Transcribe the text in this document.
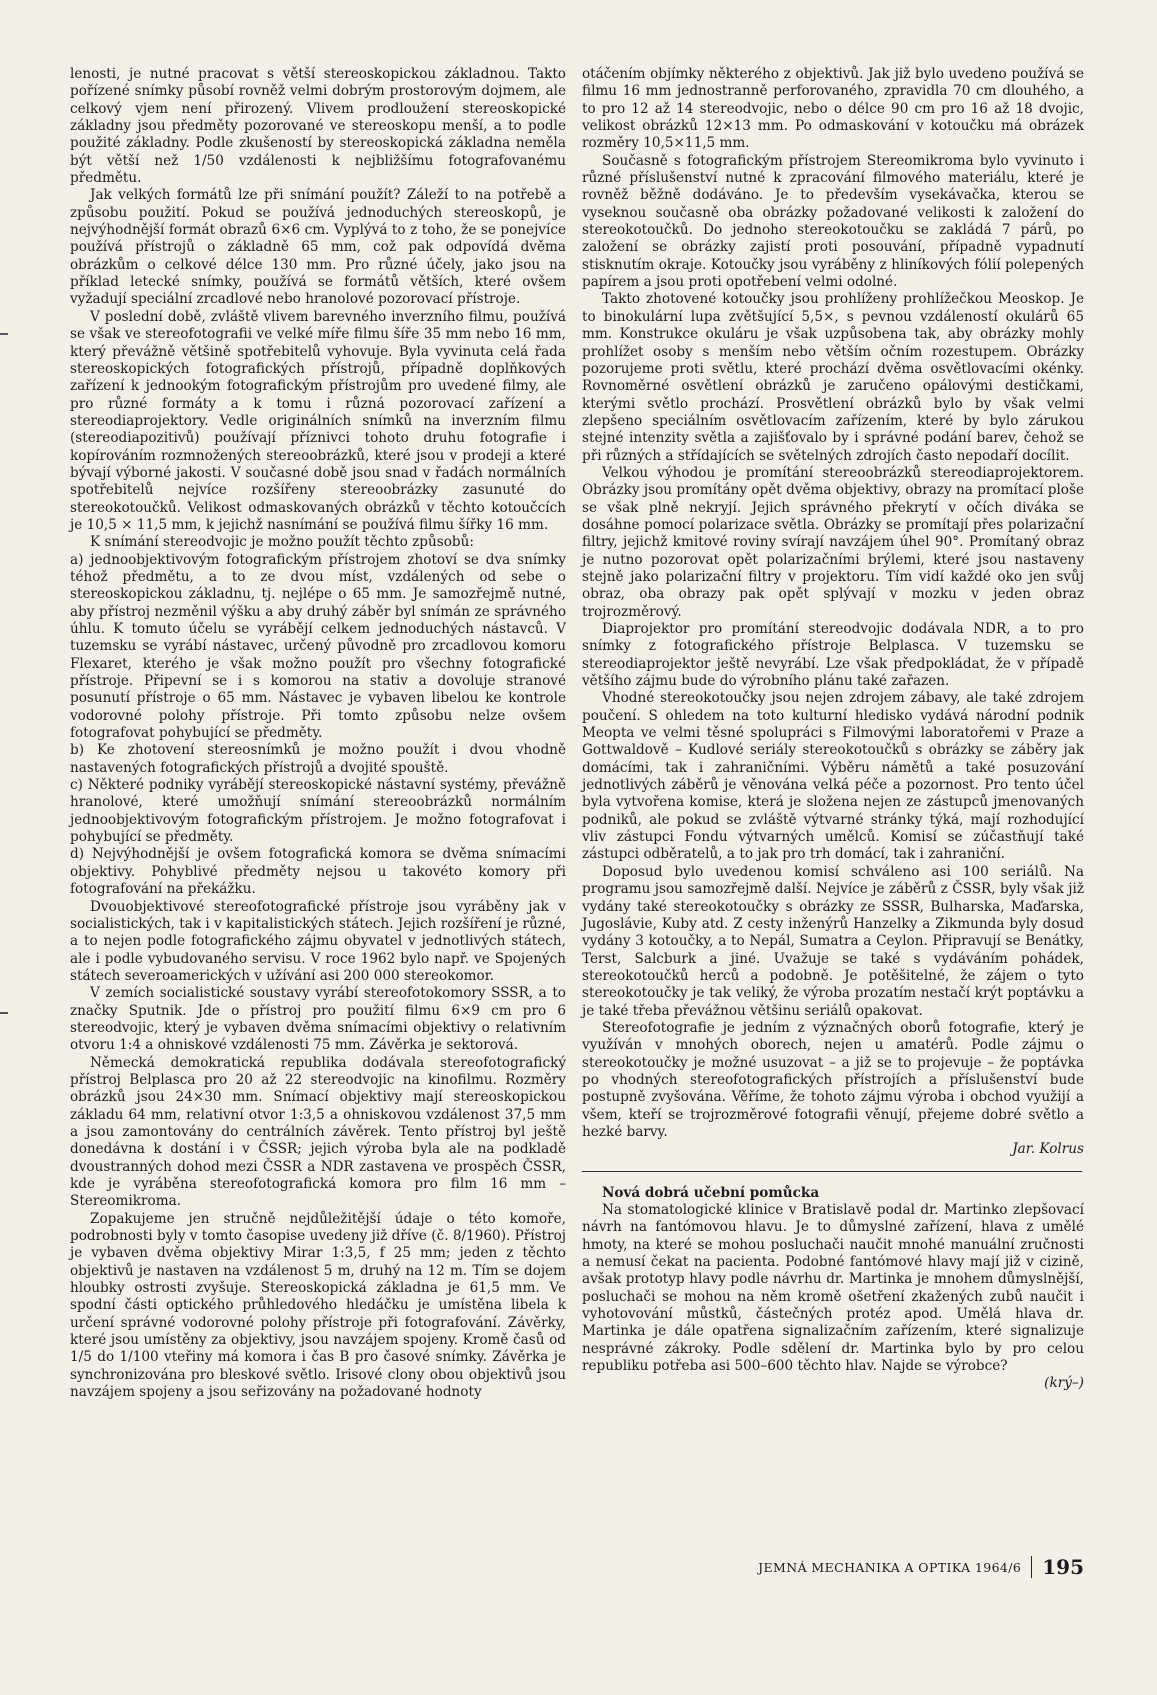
lenosti, je nutné pracovat s větší stereoskopickou základnou. Takto pořízené snímky působí rovněž velmi dobrým prostorovým dojmem, ale celkový vjem není přirozený. Vlivem prodloužení stereoskopické základny jsou předměty pozorované ve stereoskopu menší, a to podle použité základny. Podle zkušeností by stereoskopická základna neměla být větší než 1/50 vzdálenosti k nejbližšímu fotografovanému předmětu.

Jak velkých formátů lze při snímání použít? Záleží to na potřebě a způsobu použití. Pokud se používá jednoduchých stereoskopů, je nejvýhodnější formát obrazů 6×6 cm. Vyplývá to z toho, že se ponejvíce používá přístrojů o základně 65 mm, což pak odpovídá dvěma obrázkům o celkové délce 130 mm. Pro různé účely, jako jsou na příklad letecké snímky, používá se formátů větších, které ovšem vyžadují speciální zrcadlové nebo hranolové pozorovací přístroje.

V poslední době, zvláště vlivem barevného inverzního filmu, používá se však ve stereofotografii ve velké míře filmu šíře 35 mm nebo 16 mm, který převážně většině spotřebitelů vyhovuje. Byla vyvinuta celá řada stereoskopických fotografických přístrojů, případně doplňkových zařízení k jednookým fotografickým přístrojům pro uvedené filmy, ale pro různé formáty a k tomu i různá pozorovací zařízení a stereodiaprojektory. Vedle originálních snímků na inverzním filmu (stereodiapozitivů) používají příznivci tohoto druhu fotografie i kopírováním rozmnožených stereoobrázků, které jsou v prodeji a které bývají výborné jakosti. V současné době jsou snad v řadách normálních spotřebitelů nejvíce rozšířeny stereoobrázky zasunuté do stereokotoučků. Velikost odmaskovaných obrázků v těchto kotoučcích je 10,5 × 11,5 mm, k jejichž nasnímání se používá filmu šířky 16 mm.

K snímání stereodvojic je možno použít těchto způsobů:

a) jednoobjektivovým fotografickým přístrojem zhotoví se dva snímky téhož předmětu, a to ze dvou míst, vzdálených od sebe o stereoskopickou základnu, tj. nejlépe o 65 mm. Je samozřejmě nutné, aby přístroj nezměnil výšku a aby druhý záběr byl snímán ze správného úhlu. K tomuto účelu se vyrábějí celkem jednoduchých nástavců. V tuzemsku se vyrábí nástavec, určený původně pro zrcadlovou komoru Flexaret, kterého je však možno použít pro všechny fotografické přístroje. Připevní se i s komorou na stativ a dovoluje stranové posunutí přístroje o 65 mm. Nástavec je vybaven libelou ke kontrole vodorovné polohy přístroje. Při tomto způsobu nelze ovšem fotografovat pohybující se předměty.

b) Ke zhotovení stereosnímků je možno použít i dvou vhodně nastavených fotografických přístrojů a dvojité spouště.

c) Některé podniky vyrábějí stereoskopické nástavní systémy, převážně hranolové, které umožňují snímání stereoobrázků normálním jednoobjektivovým fotografickým přístrojem. Je možno fotografovat i pohybující se předměty.

d) Nejvýhodnější je ovšem fotografická komora se dvěma snímacími objektivy. Pohyblivé předměty nejsou u takovéto komory při fotografování na překážku.

Dvouobjektivové stereofotografické přístroje jsou vyráběny jak v socialistických, tak i v kapitalistických státech. Jejich rozšíření je různé, a to nejen podle fotografického zájmu obyvatel v jednotlivých státech, ale i podle vybudovaného servisu. V roce 1962 bylo např. ve Spojených státech severoamerických v užívání asi 200 000 stereokomor.

V zemích socialistické soustavy vyrábí stereofotokomory SSSR, a to značky Sputnik. Jde o přístroj pro použití filmu 6×9 cm pro 6 stereodvojic, který je vybaven dvěma snímacími objektivy o relativním otvoru 1:4 a ohniskové vzdálenosti 75 mm. Závěrka je sektorová.

Německá demokratická republika dodávala stereofotografický přístroj Belplasca pro 20 až 22 stereodvojic na kinofilmu. Rozměry obrázků jsou 24×30 mm. Snímací objektivy mají stereoskopickou základu 64 mm, relativní otvor 1:3,5 a ohniskovou vzdálenost 37,5 mm a jsou zamontovány do centrálních závěrek. Tento přístroj byl ještě donedávna k dostání i v ČSSR; jejich výroba byla ale na podkladě dvoustranných dohod mezi ČSSR a NDR zastavena ve prospěch ČSSR, kde je vyráběna stereofotografická komora pro film 16 mm – Stereomikroma.

Zopakujeme jen stručně nejdůležitější údaje o této komoře, podrobnosti byly v tomto časopise uvedeny již dříve (č. 8/1960). Přístroj je vybaven dvěma objektivy Mirar 1:3,5, f 25 mm; jeden z těchto objektivů je nastaven na vzdálenost 5 m, druhý na 12 m. Tím se dojem hloubky ostrosti zvyšuje. Stereoskopická základna je 61,5 mm. Ve spodní části optického průhledového hledáčku je umístěna libela k určení správné vodorovné polohy přístroje při fotografování. Závěrky, které jsou umístěny za objektivy, jsou navzájem spojeny. Kromě časů od 1/5 do 1/100 vteřiny má komora i čas B pro časové snímky. Závěrka je synchronizována pro bleskové světlo. Irisové clony obou objektivů jsou navzájem spojeny a jsou seřizovány na požadované hodnoty

otáčením objímky některého z objektivů. Jak již bylo uvedeno používá se filmu 16 mm jednostranně perforovaného, zpravidla 70 cm dlouhého, a to pro 12 až 14 stereodvojic, nebo o délce 90 cm pro 16 až 18 dvojic, velikost obrázků 12×13 mm. Po odmaskování v kotoučku má obrázek rozměry 10,5×11,5 mm.

Současně s fotografickým přístrojem Stereomikroma bylo vyvinuto i různé příslušenství nutné k zpracování filmového materiálu, které je rovněž běžně dodáváno. Je to především vysekávačka, kterou se vyseknou současně oba obrázky požadované velikosti k založení do stereokotoučků. Do jednoho stereokotoučku se zakládá 7 párů, po založení se obrázky zajistí proti posouvání, případně vypadnutí stisknutím okraje. Kotoučky jsou vyráběny z hliníkových fólií polepených papírem a jsou proti opotřebení velmi odolné.

Takto zhotovené kotoučky jsou prohlíženy prohlížečkou Meoskop. Je to binokulární lupa zvětšující 5,5×, s pevnou vzdáleností okulárů 65 mm. Konstrukce okuláru je však uzpůsobena tak, aby obrázky mohly prohlížet osoby s menším nebo větším očním rozestupem. Obrázky pozorujeme proti světlu, které prochází dvěma osvětlovacími okénky. Rovnoměrné osvětlení obrázků je zaručeno opálovými destičkami, kterými světlo prochází. Prosvětlení obrázků bylo by však velmi zlepšeno speciálním osvětlovacím zařízením, které by bylo zárukou stejné intenzity světla a zajišťovalo by i správné podání barev, čehož se při různých a střídajících se světelných zdrojích často nepodaří docílit.

Velkou výhodou je promítání stereoobrázků stereodiaprojektorem. Obrázky jsou promítány opět dvěma objektivy, obrazy na promítací ploše se však plně nekryjí. Jejich správného překrytí v očích diváka se dosáhne pomocí polarizace světla. Obrázky se promítají přes polarizační filtry, jejichž kmitové roviny svírají navzájem úhel 90°. Promítaný obraz je nutno pozorovat opět polarizačními brýlemi, které jsou nastaveny stejně jako polarizační filtry v projektoru. Tím vidí každé oko jen svůj obraz, oba obrazy pak opět splývají v mozku v jeden obraz trojrozměrový.

Diaprojektor pro promítání stereodvojic dodávala NDR, a to pro snímky z fotografického přístroje Belplasca. V tuzemsku se stereodiaprojektor ještě nevyrábí. Lze však předpokládat, že v případě většího zájmu bude do výrobního plánu také zařazen.

Vhodné stereokotoučky jsou nejen zdrojem zábavy, ale také zdrojem poučení. S ohledem na toto kulturní hledisko vydává národní podnik Meopta ve velmi těsné spolupráci s Filmovými laboratořemi v Praze a Gottwaldově – Kudlové seriály stereokotoučků s obrázky se záběry jak domácími, tak i zahraničními. Výběru námětů a také posuzování jednotlivých záběrů je věnována velká péče a pozornost. Pro tento účel byla vytvořena komise, která je složena nejen ze zástupců jmenovaných podniků, ale pokud se zvláště výtvarné stránky týká, mají rozhodující vliv zástupci Fondu výtvarných umělců. Komisí se zúčastňují také zástupci odběratelů, a to jak pro trh domácí, tak i zahraniční.

Doposud bylo uvedenou komisí schváleno asi 100 seriálů. Na programu jsou samozřejmě další. Nejvíce je záběrů z ČSSR, byly však již vydány také stereokotoučky s obrázky ze SSSR, Bulharska, Maďarska, Jugoslávie, Kuby atd. Z cesty inženýrů Hanzelky a Zikmunda byly dosud vydány 3 kotoučky, a to Nepál, Sumatra a Ceylon. Připravují se Benátky, Terst, Salcburk a jiné. Uvažuje se také s vydáváním pohádek, stereokotoučků herců a podobně. Je potěšitelné, že zájem o tyto stereokotoučky je tak veliký, že výroba prozatím nestačí krýt poptávku a je také třeba převážnou většinu seriálů opakovat.

Stereofotografie je jedním z význačných oborů fotografie, který je využíván v mnohých oborech, nejen u amatérů. Podle zájmu o stereokotoučky je možné usuzovat – a již se to projevuje – že poptávka po vhodných stereofotografických přístrojích a příslušenství bude postupně zvyšována. Věříme, že tohoto zájmu výroba i obchod využijí a všem, kteří se trojrozměrové fotografii věnují, přejeme dobré světlo a hezké barvy.

Jar. Kolrus

Nová dobrá učební pomůcka

Na stomatologické klinice v Bratislavě podal dr. Martinko zlepšovací návrh na fantómovou hlavu. Je to důmyslné zařízení, hlava z umělé hmoty, na které se mohou posluchači naučit mnohé manuální zručnosti a nemusí čekat na pacienta. Podobné fantómové hlavy mají již v cizině, avšak prototyp hlavy podle návrhu dr. Martinka je mnohem důmyslnější, posluchači se mohou na něm kromě ošetření zkažených zubů naučit i vyhotovování můstků, částečných protéz apod. Umělá hlava dr. Martinka je dále opatřena signalizačním zařízením, které signalizuje nesprávné zákroky. Podle sdělení dr. Martinka bylo by pro celou republiku potřeba asi 500–600 těchto hlav. Najde se výrobce?

(krý–)

JEMNÁ MECHANIKA A OPTIKA 1964/6 195
